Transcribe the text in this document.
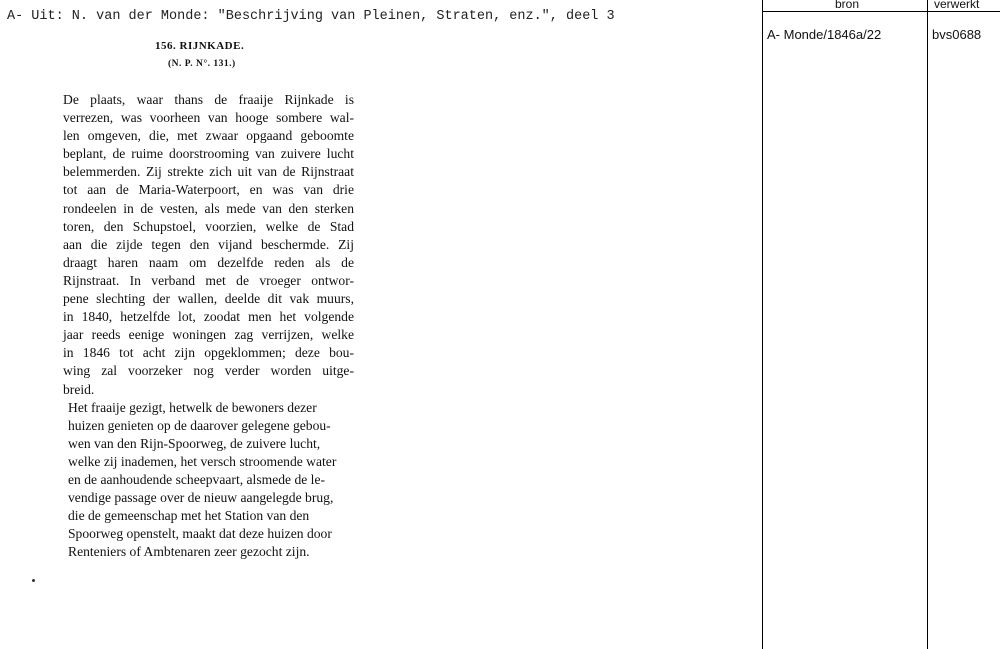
A- Uit: N. van der Monde: "Beschrijving van Pleinen, Straten, enz.", deel 3
156. RIJNKADE.
(N. P. N°. 131.)

De plaats, waar thans de fraaije Rijnkade is
verrezen, was voorheen van hooge sombere wal-
len omgeven, die, met zwaar opgaand geboomte
beplant, de ruime doorstrooming van zuivere lucht
belemmerden. Zij strekte zich uit van de Rijnstraat
tot aan de Maria-Waterpoort, en was van drie
rondeelen in de vesten, als mede van den sterken
toren, den Schupstoel, voorzien, welke de Stad
aan die zijde tegen den vijand beschermde. Zij
draagt haren naam om dezelfde reden als de
Rijnstraat. In verband met de vroeger ontwor-
pene slechting der wallen, deelde dit vak muurs,
in 1840, hetzelfde lot, zoodat men het volgende
jaar reeds eenige woningen zag verrijzen, welke
in 1846 tot acht zijn opgeklommen; deze bou-
wing zal voorzeker nog verder worden uitge-
breid.

Het fraaije gezigt, hetwelk de bewoners dezer
huizen genieten op de daarover gelegene gebou-
wen van den Rijn-Spoorweg, de zuivere lucht,
welke zij inademen, het versch stroomende water
en de aanhoudende scheepvaart, alsmede de le-
vendige passage over de nieuw aangelegde brug,
die de gemeenschap met het Station van den
Spoorweg openstelt, maakt dat deze huizen door
Renteniers of Ambtenaren zeer gezocht zijn.

bron	verwerkt
A- Monde/1846a/22	bvs0688
